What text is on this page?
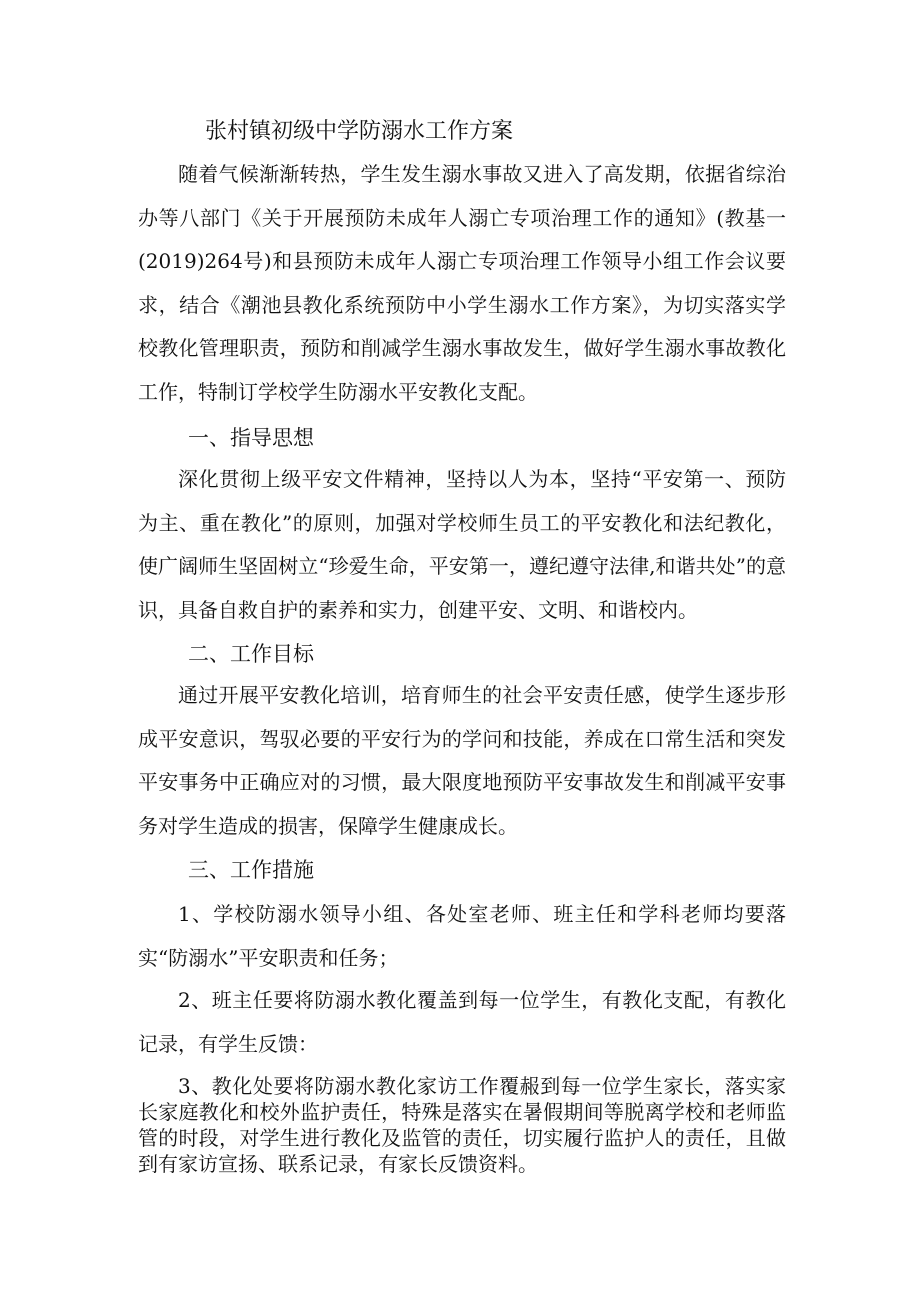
张村镇初级中学防溺水工作方案

随着气候渐渐转热，学生发生溺水事故又进入了高发期，依据省综治办等八部门《关于开展预防未成年人溺亡专项治理工作的通知》(教基一(2019)264号)和县预防未成年人溺亡专项治理工作领导小组工作会议要求，结合《潮池县教化系统预防中小学生溺水工作方案》，为切实落实学校教化管理职责，预防和削减学生溺水事故发生，做好学生溺水事故教化工作，特制订学校学生防溺水平安教化支配。

一、指导思想

深化贯彻上级平安文件精神，坚持以人为本，坚持“平安第一、预防为主、重在教化”的原则，加强对学校师生员工的平安教化和法纪教化，使广阔师生坚固树立“珍爱生命，平安第一，遵纪遵守法律,和谐共处”的意识，具备自救自护的素养和实力，创建平安、文明、和谐校内。

二、工作目标

通过开展平安教化培训，培育师生的社会平安责任感，使学生逐步形成平安意识，驾驭必要的平安行为的学问和技能，养成在口常生活和突发平安事务中正确应对的习惯，最大限度地预防平安事故发生和削减平安事务对学生造成的损害，保障学生健康成长。

三、工作措施

1、学校防溺水领导小组、各处室老师、班主任和学科老师均要落实“防溺水”平安职责和任务；

2、班主任要将防溺水教化覆盖到每一位学生，有教化支配，有教化记录，有学生反馈：

3、教化处要将防溺水教化家访工作覆赧到每一位学生家长，落实家长家庭教化和校外监护责任，特殊是落实在暑假期间等脱离学校和老师监管的时段，对学生进行教化及监管的责任，切实履行监护人的责任，且做到有家访宣扬、联系记录，有家长反馈资料。
